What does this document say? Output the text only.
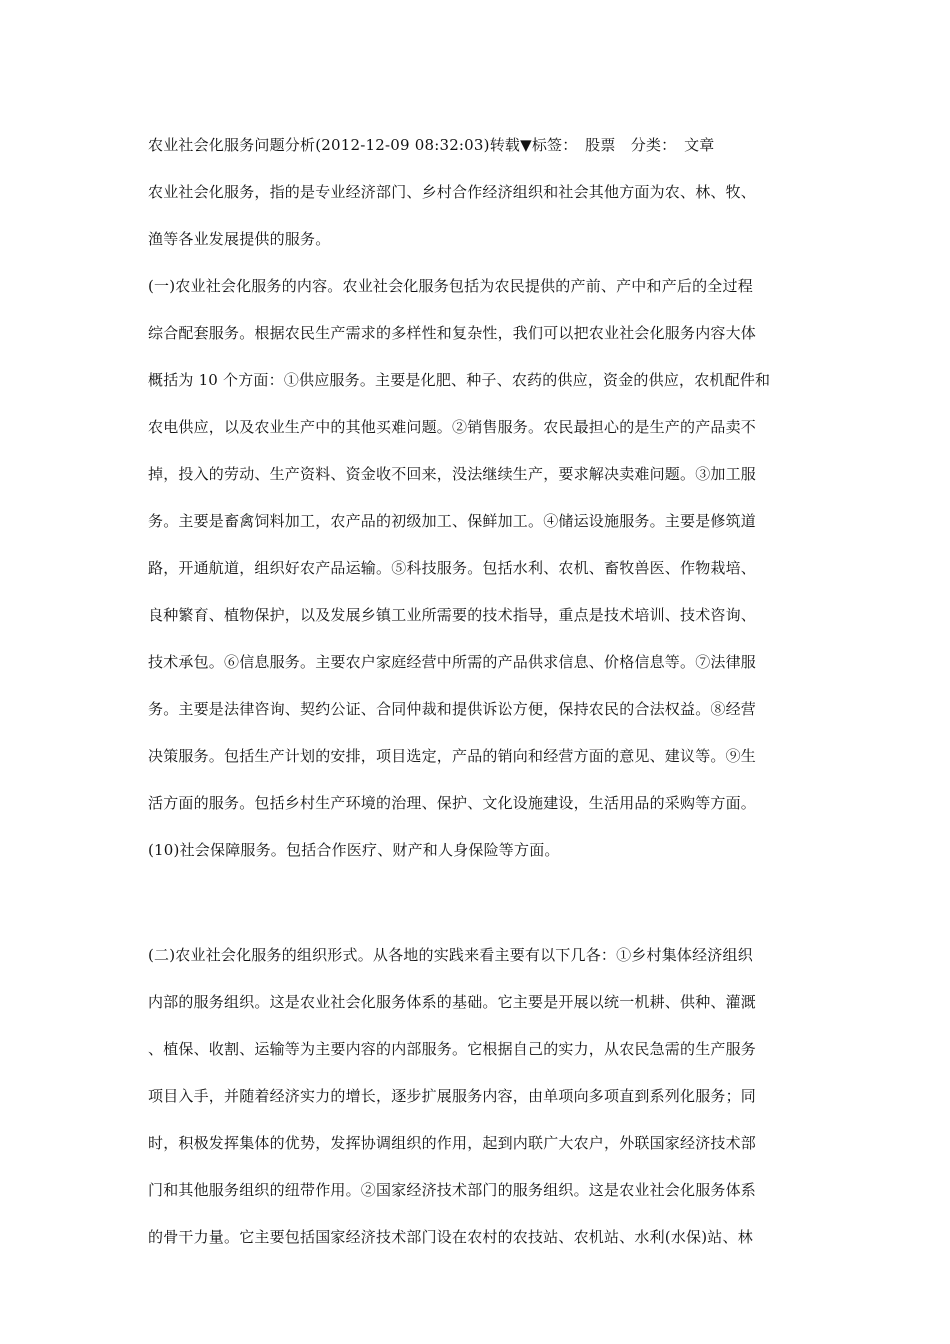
农业社会化服务问题分析(2012-12-09 08:32:03)转载▼标签：　股票　分类：　文章
农业社会化服务，指的是专业经济部门、乡村合作经济组织和社会其他方面为农、林、牧、
渔等各业发展提供的服务。
(一)农业社会化服务的内容。农业社会化服务包括为农民提供的产前、产中和产后的全过程
综合配套服务。根据农民生产需求的多样性和复杂性，我们可以把农业社会化服务内容大体
概括为 10 个方面：①供应服务。主要是化肥、种子、农药的供应，资金的供应，农机配件和
农电供应，以及农业生产中的其他买难问题。②销售服务。农民最担心的是生产的产品卖不
掉，投入的劳动、生产资料、资金收不回来，没法继续生产，要求解决卖难问题。③加工服
务。主要是畜禽饲料加工，农产品的初级加工、保鲜加工。④储运设施服务。主要是修筑道
路，开通航道，组织好农产品运输。⑤科技服务。包括水利、农机、畜牧兽医、作物栽培、
良种繁育、植物保护，以及发展乡镇工业所需要的技术指导，重点是技术培训、技术咨询、
技术承包。⑥信息服务。主要农户家庭经营中所需的产品供求信息、价格信息等。⑦法律服
务。主要是法律咨询、契约公证、合同仲裁和提供诉讼方便，保持农民的合法权益。⑧经营
决策服务。包括生产计划的安排，项目选定，产品的销向和经营方面的意见、建议等。⑨生
活方面的服务。包括乡村生产环境的治理、保护、文化设施建设，生活用品的采购等方面。
(10)社会保障服务。包括合作医疗、财产和人身保险等方面。
(二)农业社会化服务的组织形式。从各地的实践来看主要有以下几各：①乡村集体经济组织
内部的服务组织。这是农业社会化服务体系的基础。它主要是开展以统一机耕、供种、灌溉
、植保、收割、运输等为主要内容的内部服务。它根据自己的实力，从农民急需的生产服务
项目入手，并随着经济实力的增长，逐步扩展服务内容，由单项向多项直到系列化服务；同
时，积极发挥集体的优势，发挥协调组织的作用，起到内联广大农户，外联国家经济技术部
门和其他服务组织的纽带作用。②国家经济技术部门的服务组织。这是农业社会化服务体系
的骨干力量。它主要包括国家经济技术部门设在农村的农技站、农机站、水利(水保)站、林
